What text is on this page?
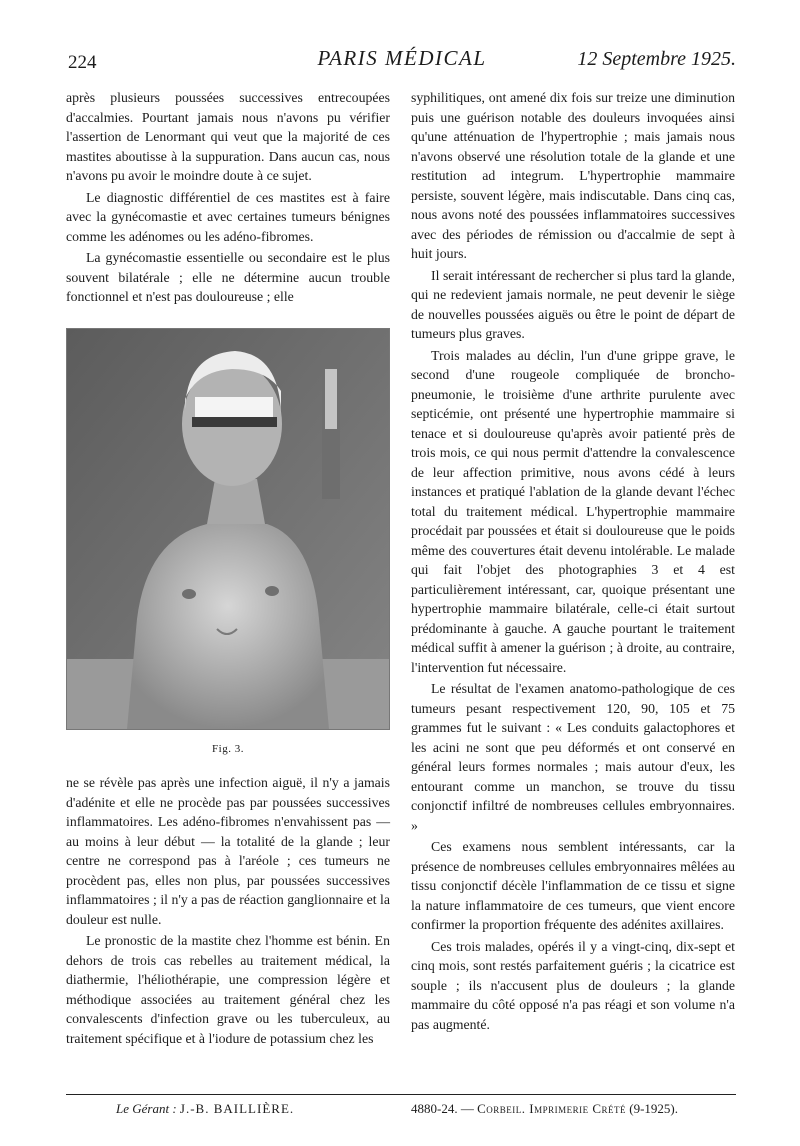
224	PARIS MÉDICAL	12 Septembre 1925.

après plusieurs poussées successives entrecoupées d'accalmies. Pourtant jamais nous n'avons pu vérifier l'assertion de Lenormant qui veut que la majorité de ces mastites aboutisse à la suppuration. Dans aucun cas, nous n'avons pu avoir le moindre doute à ce sujet.

Le diagnostic différentiel de ces mastites est à faire avec la gynécomastie et avec certaines tumeurs bénignes comme les adénomes ou les adéno-fibromes.

La gynécomastie essentielle ou secondaire est le plus souvent bilatérale ; elle ne détermine aucun trouble fonctionnel et n'est pas douloureuse ; elle

Fig. 3.

ne se révèle pas après une infection aiguë, il n'y a jamais d'adénite et elle ne procède pas par poussées successives inflammatoires. Les adéno-fibromes n'envahissent pas — au moins à leur début — la totalité de la glande ; leur centre ne correspond pas à l'aréole ; ces tumeurs ne procèdent pas, elles non plus, par poussées successives inflammatoires ; il n'y a pas de réaction ganglionnaire et la douleur est nulle.

Le pronostic de la mastite chez l'homme est bénin. En dehors de trois cas rebelles au traitement médical, la diathermie, l'héliothérapie, une compression légère et méthodique associées au traitement général chez les convalescents d'infection grave ou les tuberculeux, au traitement spécifique et à l'iodure de potassium chez les

syphilitiques, ont amené dix fois sur treize une diminution puis une guérison notable des douleurs invoquées ainsi qu'une atténuation de l'hypertrophie ; mais jamais nous n'avons observé une résolution totale de la glande et une restitution ad integrum. L'hypertrophie mammaire persiste, souvent légère, mais indiscutable. Dans cinq cas, nous avons noté des poussées inflammatoires successives avec des périodes de rémission ou d'accalmie de sept à huit jours.

Il serait intéressant de rechercher si plus tard la glande, qui ne redevient jamais normale, ne peut devenir le siège de nouvelles poussées aiguës ou être le point de départ de tumeurs plus graves.

Trois malades au déclin, l'un d'une grippe grave, le second d'une rougeole compliquée de broncho-pneumonie, le troisième d'une arthrite purulente avec septicémie, ont présenté une hypertrophie mammaire si tenace et si douloureuse qu'après avoir patienté près de trois mois, ce qui nous permit d'attendre la convalescence de leur affection primitive, nous avons cédé à leurs instances et pratiqué l'ablation de la glande devant l'échec total du traitement médical. L'hypertrophie mammaire procédait par poussées et était si douloureuse que le poids même des couvertures était devenu intolérable. Le malade qui fait l'objet des photographies 3 et 4 est particulièrement intéressant, car, quoique présentant une hypertrophie mammaire bilatérale, celle-ci était surtout prédominante à gauche. A gauche pourtant le traitement médical suffit à amener la guérison ; à droite, au contraire, l'intervention fut nécessaire.

Le résultat de l'examen anatomo-pathologique de ces tumeurs pesant respectivement 120, 90, 105 et 75 grammes fut le suivant : « Les conduits galactophores et les acini ne sont que peu déformés et ont conservé en général leurs formes normales ; mais autour d'eux, les entourant comme un manchon, se trouve du tissu conjonctif infiltré de nombreuses cellules embryonnaires. »

Ces examens nous semblent intéressants, car la présence de nombreuses cellules embryonnaires mêlées au tissu conjonctif décèle l'inflammation de ce tissu et signe la nature inflammatoire de ces tumeurs, que vient encore confirmer la proportion fréquente des adénites axillaires.

Ces trois malades, opérés il y a vingt-cinq, dix-sept et cinq mois, sont restés parfaitement guéris ; la cicatrice est souple ; ils n'accusent plus de douleurs ; la glande mammaire du côté opposé n'a pas réagi et son volume n'a pas augmenté.

Le Gérant : J.-B. BAILLIÈRE.	4880-24. — Corbeil. Imprimerie Crété (9-1925).
